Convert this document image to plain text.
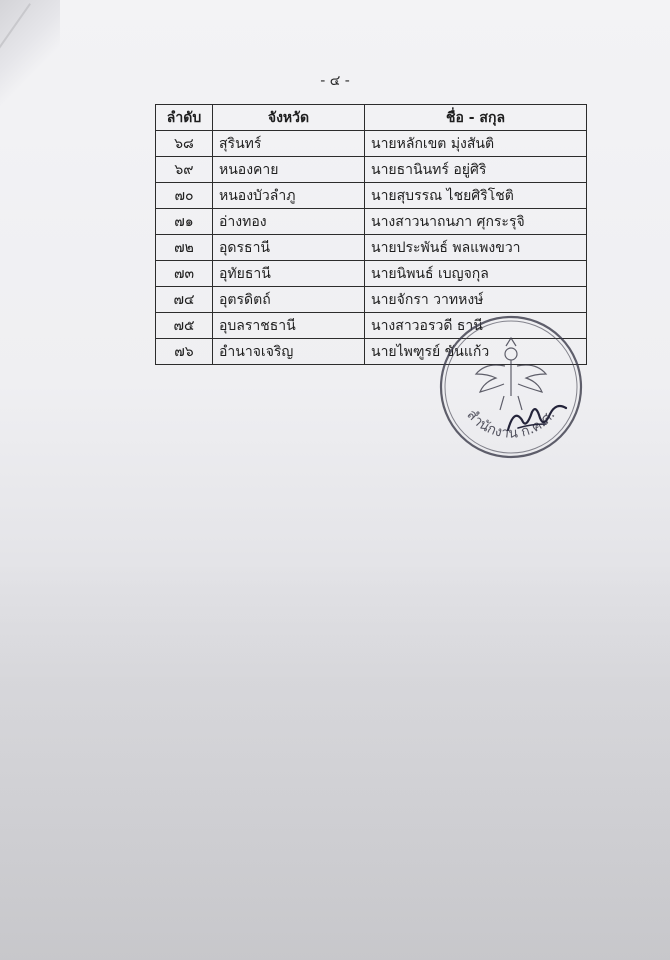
- ๔ -
ลำดับ	จังหวัด	ชื่อ - สกุล
๖๘	สุรินทร์	นายหลักเขต มุ่งสันติ
๖๙	หนองคาย	นายธานินทร์ อยู่ศิริ
๗๐	หนองบัวลำภู	นายสุบรรณ ไชยศิริโชติ
๗๑	อ่างทอง	นางสาวนาถนภา ศุกระรุจิ
๗๒	อุดรธานี	นายประพันธ์ พลแพงขวา
๗๓	อุทัยธานี	นายนิพนธ์ เบญจกุล
๗๔	อุตรดิตถ์	นายจักรา วาทหงษ์
๗๕	อุบลราชธานี	นางสาวอรวดี ธานี
๗๖	อำนาจเจริญ	นายไพฑูรย์ ขันแก้ว
สำนักงาน ก.ค.ศ.
